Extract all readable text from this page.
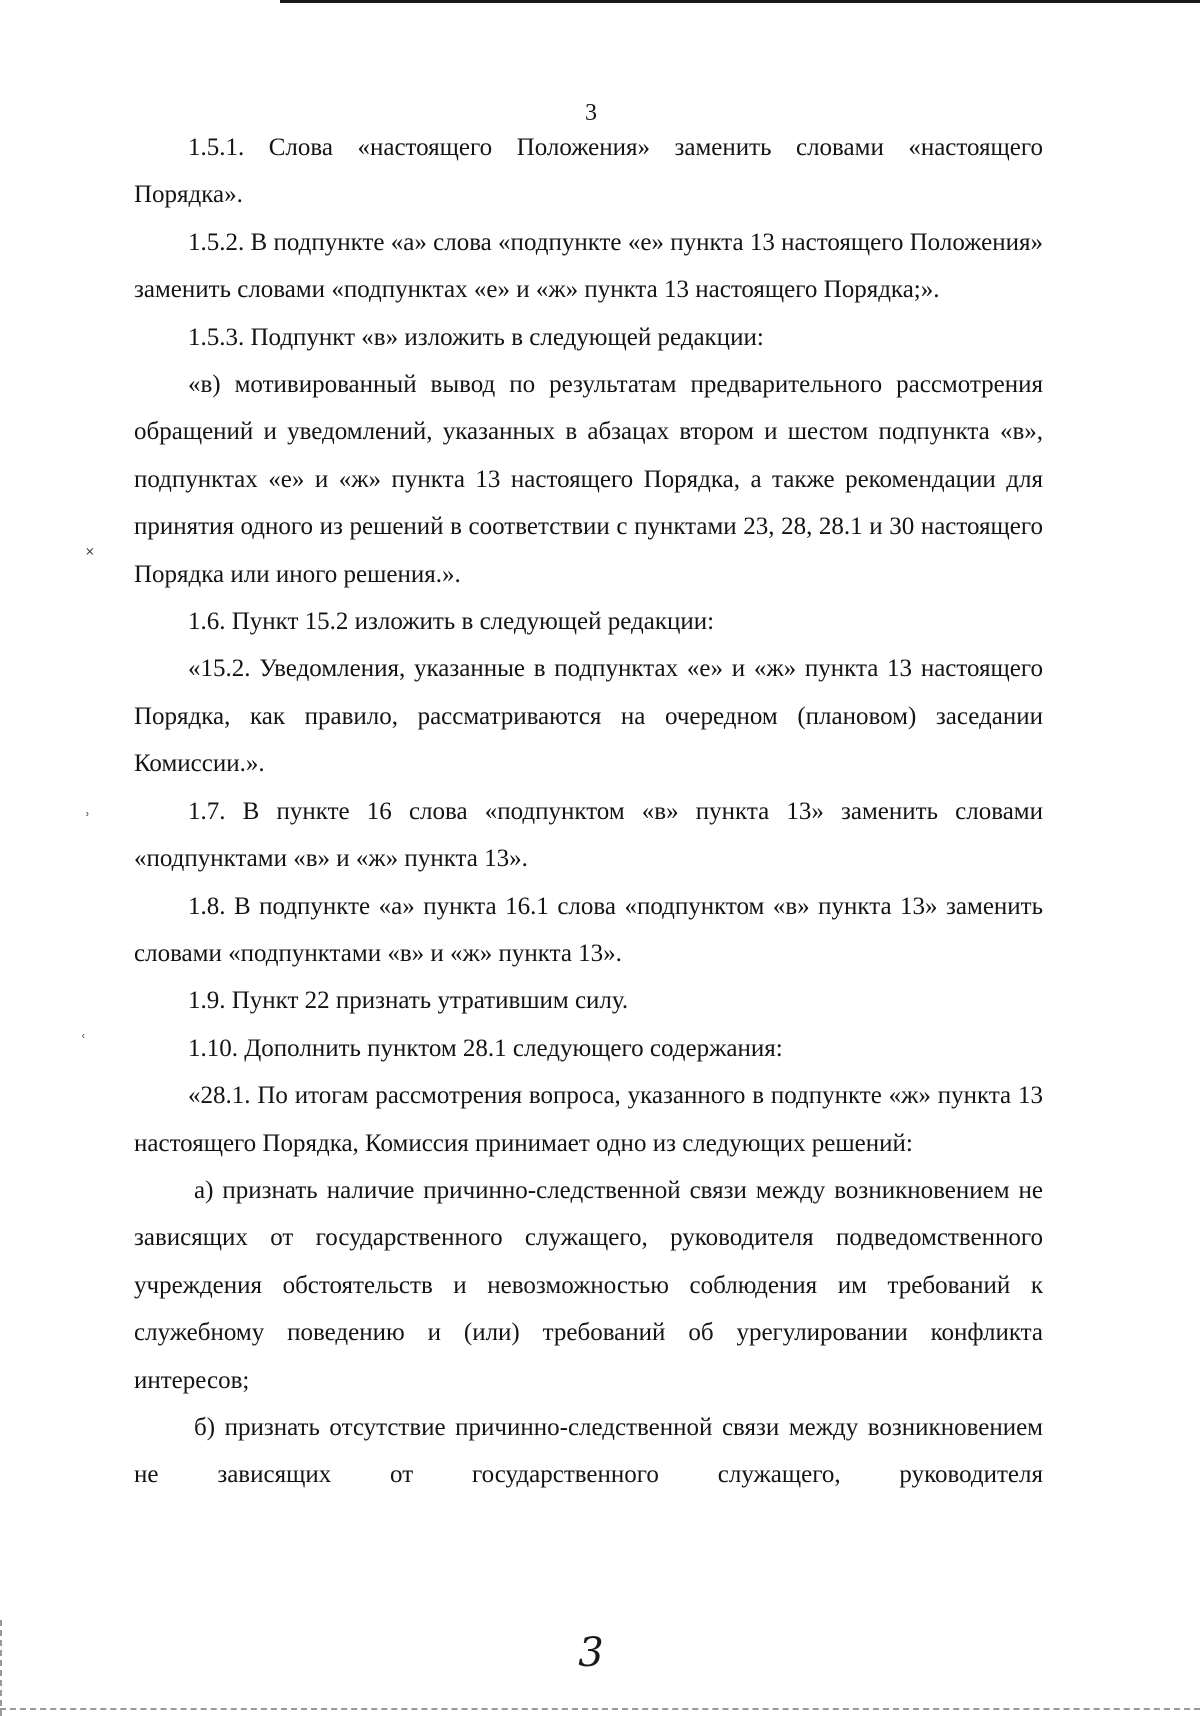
˟
˒
˓
3

1.5.1. Слова «настоящего Положения» заменить словами «настоящего Порядка».

1.5.2. В подпункте «а» слова «подпункте «е» пункта 13 настоящего Положения» заменить словами «подпунктах «е» и «ж» пункта 13 настоящего Порядка;».

1.5.3. Подпункт «в» изложить в следующей редакции:

«в) мотивированный вывод по результатам предварительного рассмотрения обращений и уведомлений, указанных в абзацах втором и шестом подпункта «в», подпунктах «е» и «ж» пункта 13 настоящего Порядка, а также рекомендации для принятия одного из решений в соответствии с пунктами 23, 28, 28.1 и 30 настоящего Порядка или иного решения.».

1.6. Пункт 15.2 изложить в следующей редакции:

«15.2. Уведомления, указанные в подпунктах «е» и «ж» пункта 13 настоящего Порядка, как правило, рассматриваются на очередном (плановом) заседании Комиссии.».

1.7. В пункте 16 слова «подпунктом «в» пункта 13» заменить словами «подпунктами «в» и «ж» пункта 13».

1.8. В подпункте «а» пункта 16.1 слова «подпунктом «в» пункта 13» заменить словами «подпунктами «в» и «ж» пункта 13».

1.9. Пункт 22 признать утратившим силу.

1.10. Дополнить пунктом 28.1 следующего содержания:

«28.1. По итогам рассмотрения вопроса, указанного в подпункте «ж» пункта 13 настоящего Порядка, Комиссия принимает одно из следующих решений:

а) признать наличие причинно-следственной связи между возникновением не зависящих от государственного служащего, руководителя подведомственного учреждения обстоятельств и невозможностью соблюдения им требований к служебному поведению и (или) требований об урегулировании конфликта интересов;

б) признать отсутствие причинно-следственной связи между возникновением не зависящих от государственного служащего, руководителя

3
